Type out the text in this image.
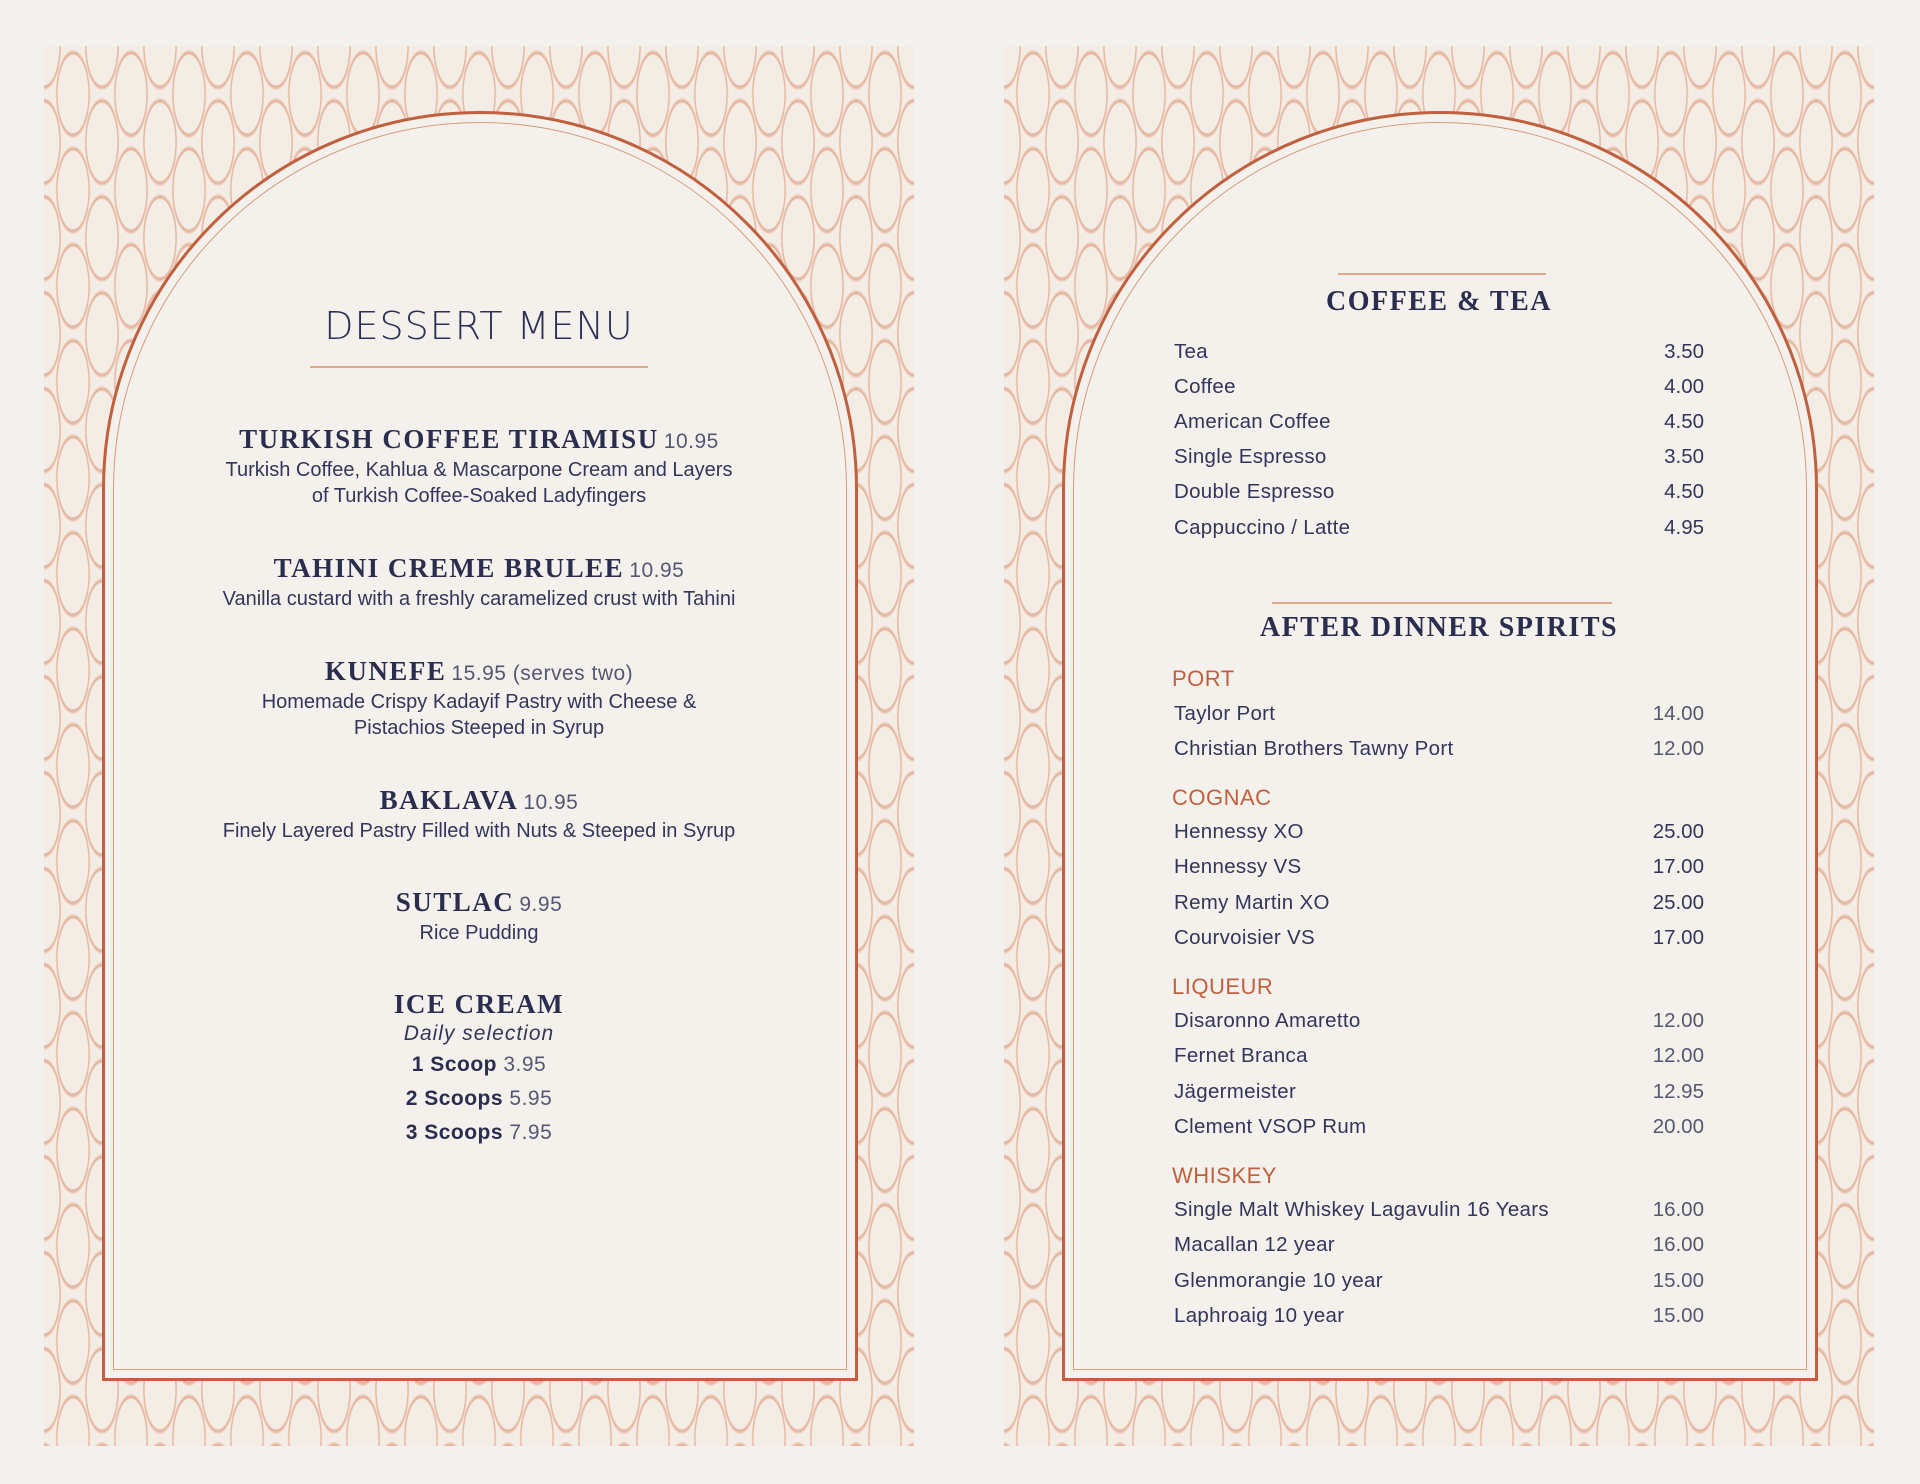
DESSERT MENU
TURKISH COFFEE TIRAMISU 10.95
Turkish Coffee, Kahlua & Mascarpone Cream and Layers
of Turkish Coffee-Soaked Ladyfingers
TAHINI CREME BRULEE 10.95
Vanilla custard with a freshly caramelized crust with Tahini
KUNEFE 15.95 (serves two)
Homemade Crispy Kadayif Pastry with Cheese &
Pistachios Steeped in Syrup
BAKLAVA 10.95
Finely Layered Pastry Filled with Nuts & Steeped in Syrup
SUTLAC 9.95
Rice Pudding
ICE CREAM
Daily selection
1 Scoop 3.95
2 Scoops 5.95
3 Scoops 7.95
COFFEE & TEA
Tea	3.50
Coffee	4.00
American Coffee	4.50
Single Espresso	3.50
Double Espresso	4.50
Cappuccino / Latte	4.95
AFTER DINNER SPIRITS
PORT
Taylor Port	14.00
Christian Brothers Tawny Port	12.00
COGNAC
Hennessy XO	25.00
Hennessy VS	17.00
Remy Martin XO	25.00
Courvoisier VS	17.00
LIQUEUR
Disaronno Amaretto	12.00
Fernet Branca	12.00
Jägermeister	12.95
Clement VSOP Rum	20.00
WHISKEY
Single Malt Whiskey Lagavulin 16 Years	16.00
Macallan 12 year	16.00
Glenmorangie 10 year	15.00
Laphroaig 10 year	15.00
